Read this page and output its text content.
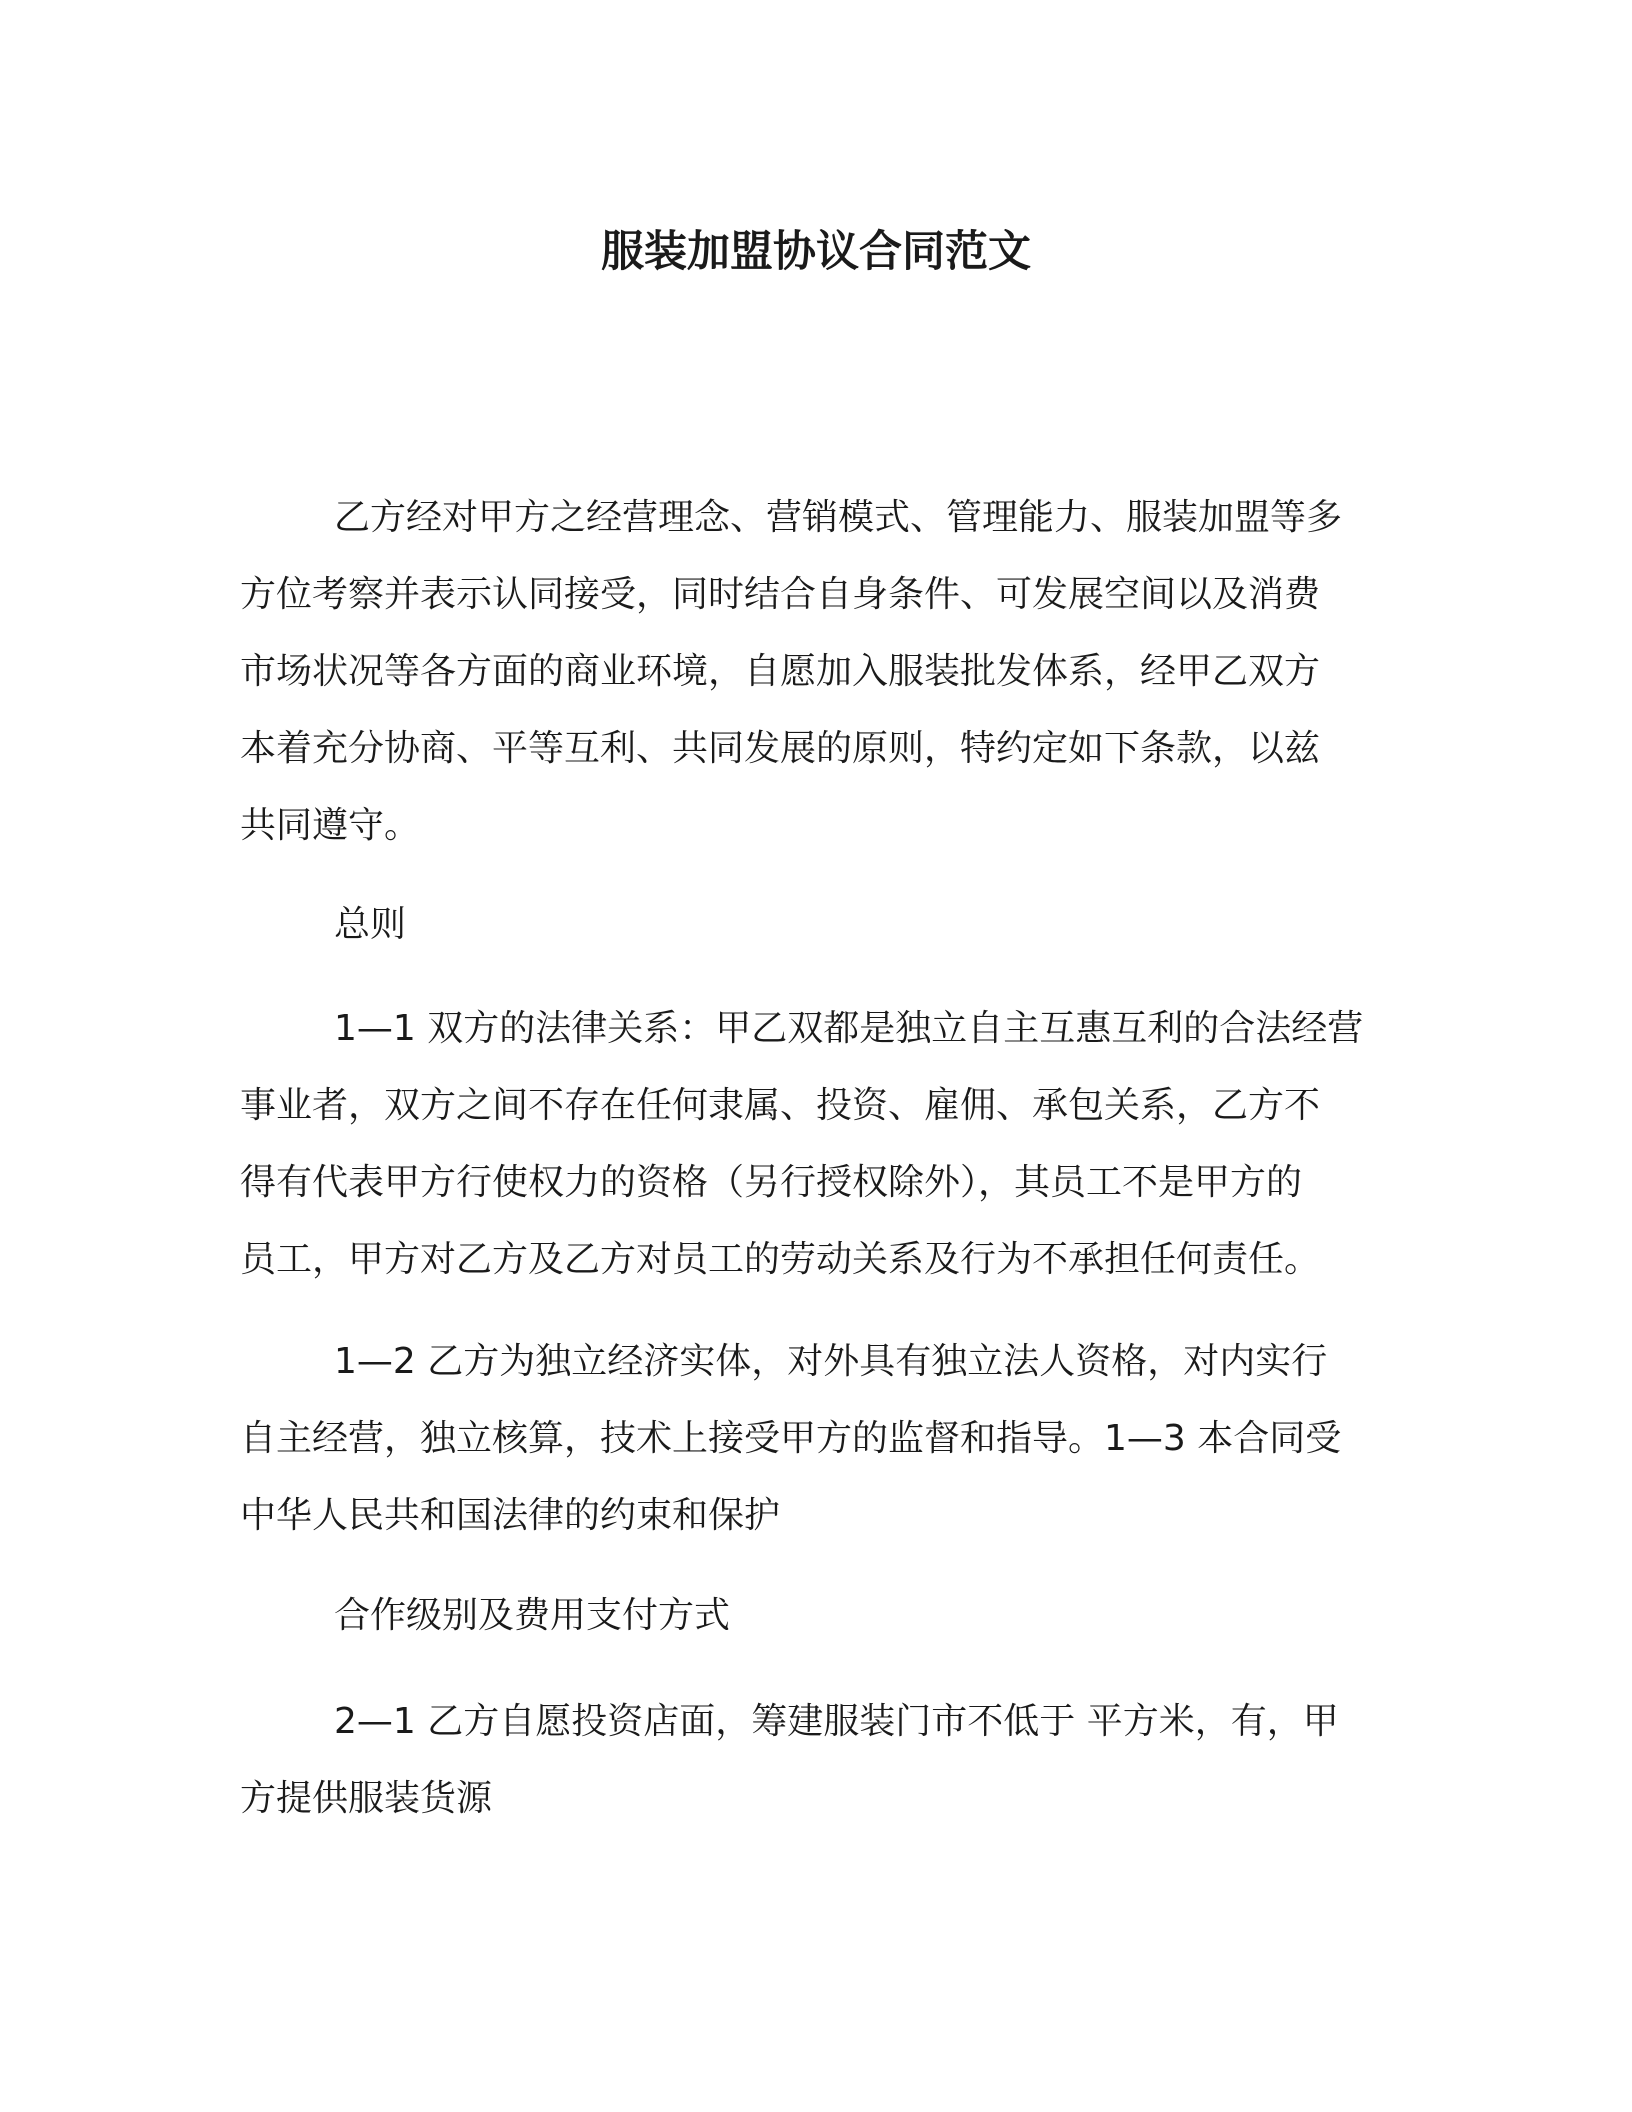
服装加盟协议合同范文
乙方经对甲方之经营理念、营销模式、管理能力、服装加盟等多
方位考察并表示认同接受，同时结合自身条件、可发展空间以及消费
市场状况等各方面的商业环境，自愿加入服装批发体系，经甲乙双方
本着充分协商、平等互利、共同发展的原则，特约定如下条款，以兹
共同遵守。
总则
1—1 双方的法律关系：甲乙双都是独立自主互惠互利的合法经营
事业者，双方之间不存在任何隶属、投资、雇佣、承包关系，乙方不
得有代表甲方行使权力的资格（另行授权除外），其员工不是甲方的
员工，甲方对乙方及乙方对员工的劳动关系及行为不承担任何责任。
1—2 乙方为独立经济实体，对外具有独立法人资格，对内实行
自主经营，独立核算，技术上接受甲方的监督和指导。1—3 本合同受
中华人民共和国法律的约束和保护
合作级别及费用支付方式
2—1 乙方自愿投资店面，筹建服装门市不低于 平方米，有，甲
方提供服装货源
